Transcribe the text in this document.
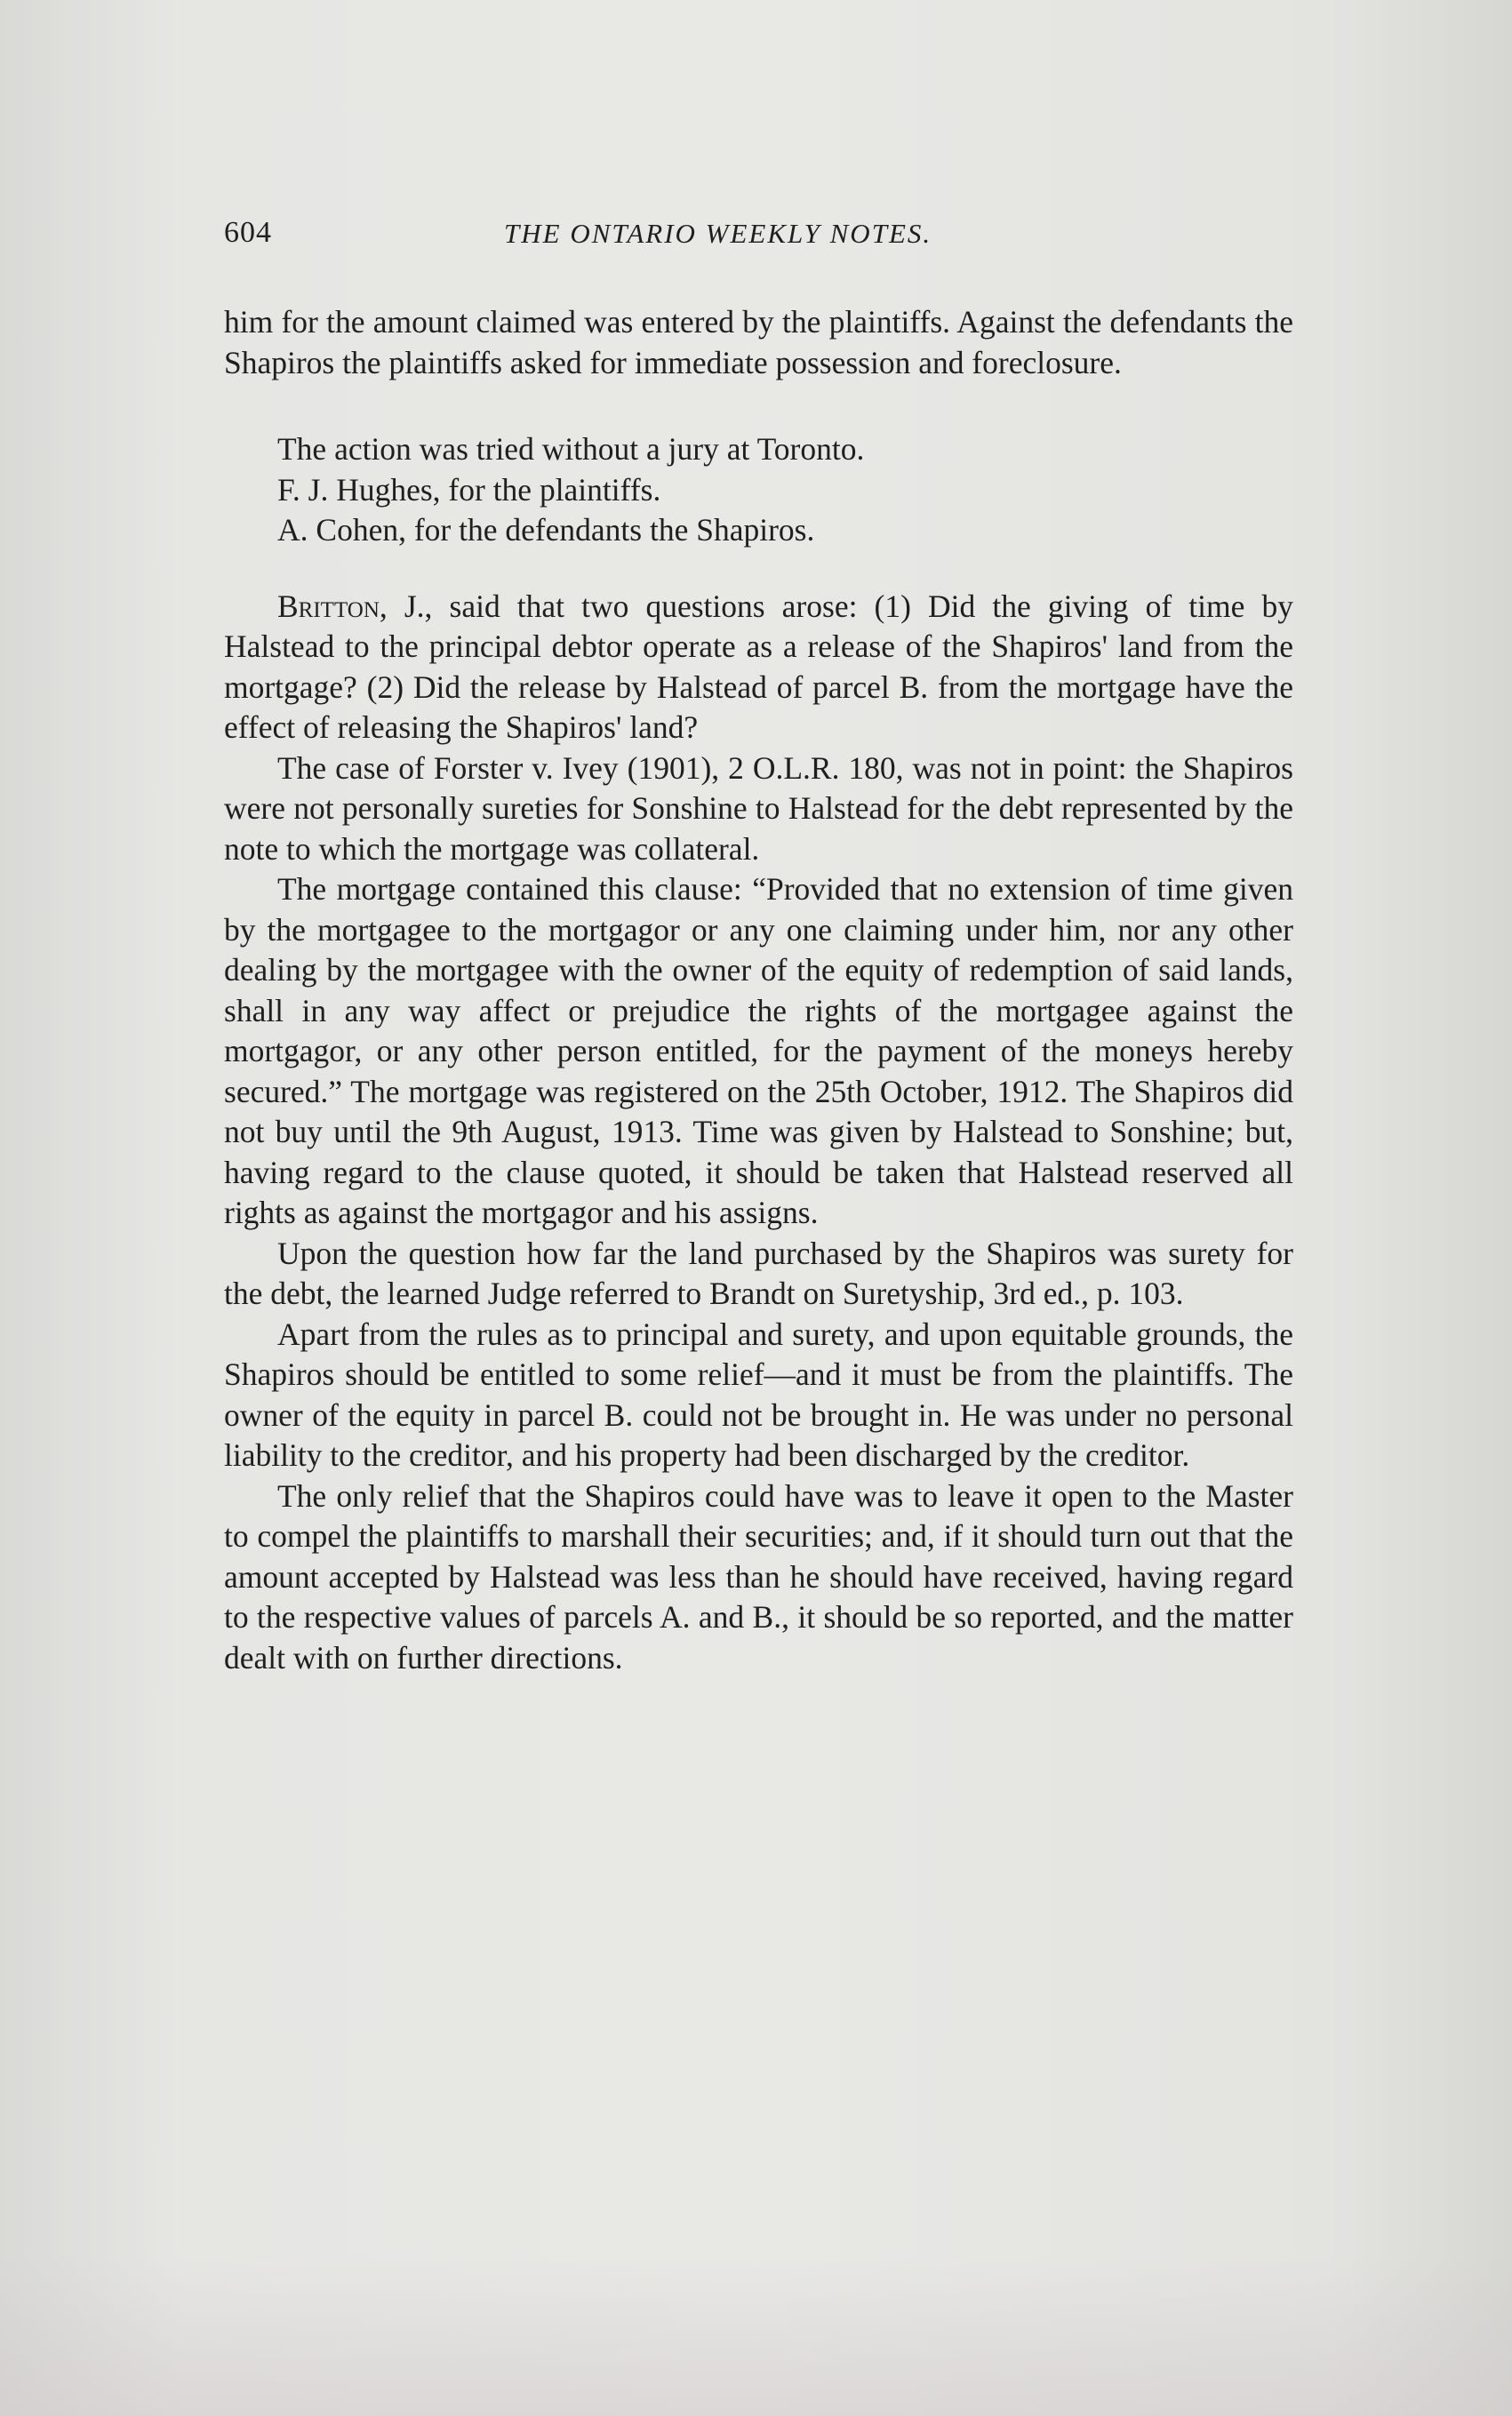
604	THE ONTARIO WEEKLY NOTES.

him for the amount claimed was entered by the plaintiffs. Against the defendants the Shapiros the plaintiffs asked for immediate possession and foreclosure.

The action was tried without a jury at Toronto.

F. J. Hughes, for the plaintiffs.

A. Cohen, for the defendants the Shapiros.

Britton, J., said that two questions arose: (1) Did the giving of time by Halstead to the principal debtor operate as a release of the Shapiros' land from the mortgage? (2) Did the release by Halstead of parcel B. from the mortgage have the effect of releasing the Shapiros' land?

The case of Forster v. Ivey (1901), 2 O.L.R. 180, was not in point: the Shapiros were not personally sureties for Sonshine to Halstead for the debt represented by the note to which the mortgage was collateral.

The mortgage contained this clause: “Provided that no extension of time given by the mortgagee to the mortgagor or any one claiming under him, nor any other dealing by the mortgagee with the owner of the equity of redemption of said lands, shall in any way affect or prejudice the rights of the mortgagee against the mortgagor, or any other person entitled, for the payment of the moneys hereby secured.” The mortgage was registered on the 25th October, 1912. The Shapiros did not buy until the 9th August, 1913. Time was given by Halstead to Sonshine; but, having regard to the clause quoted, it should be taken that Halstead reserved all rights as against the mortgagor and his assigns.

Upon the question how far the land purchased by the Shapiros was surety for the debt, the learned Judge referred to Brandt on Suretyship, 3rd ed., p. 103.

Apart from the rules as to principal and surety, and upon equitable grounds, the Shapiros should be entitled to some relief—and it must be from the plaintiffs. The owner of the equity in parcel B. could not be brought in. He was under no personal liability to the creditor, and his property had been discharged by the creditor.

The only relief that the Shapiros could have was to leave it open to the Master to compel the plaintiffs to marshall their securities; and, if it should turn out that the amount accepted by Halstead was less than he should have received, having regard to the respective values of parcels A. and B., it should be so reported, and the matter dealt with on further directions.
